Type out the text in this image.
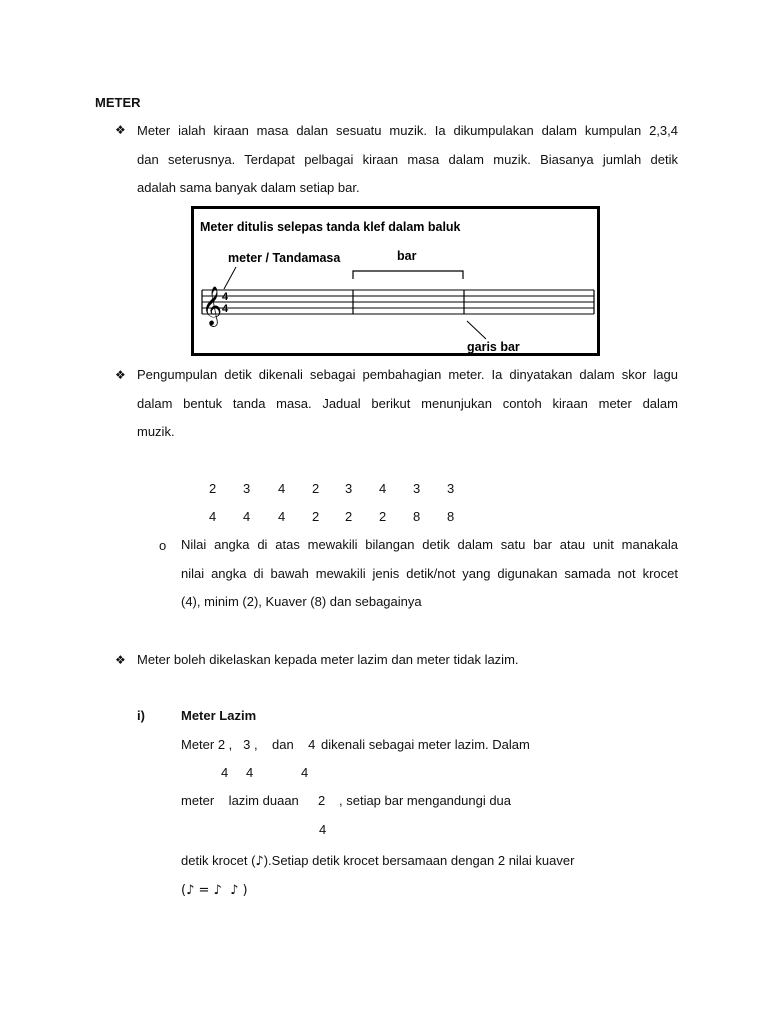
METER
❖ Meter ialah kiraan masa dalan sesuatu muzik. Ia dikumpulakan dalam kumpulan 2,3,4
dan seterusnya. Terdapat pelbagai kiraan masa dalam muzik. Biasanya jumlah detik
adalah sama banyak dalam setiap bar.
Meter ditulis selepas tanda klef dalam baluk
meter / Tandamasa	bar
garis bar
𝄞 4
4
❖ Pengumpulan detik dikenali sebagai pembahagian meter. Ia dinyatakan dalam skor lagu
dalam bentuk tanda masa. Jadual berikut menunjukan contoh kiraan meter dalam
muzik.
2 3 4 2 3 4 3 3
4 4 4 2 2 2 8 8
o Nilai angka di atas mewakili bilangan detik dalam satu bar atau unit manakala
nilai angka di bawah mewakili jenis detik/not yang digunakan samada not krocet
(4), minim (2), Kuaver (8) dan sebagainya
❖ Meter boleh dikelaskan kepada meter lazim dan meter tidak lazim.
i)	Meter Lazim
Meter 2 ,   3 ,    dan    4 dikenali sebagai meter lazim. Dalam
4 4	4
meter    lazim duaan 2 , setiap bar mengandungi dua
4
detik krocet (♪).Setiap detik krocet bersamaan dengan 2 nilai kuaver
(♪ = ♪  ♪ )
